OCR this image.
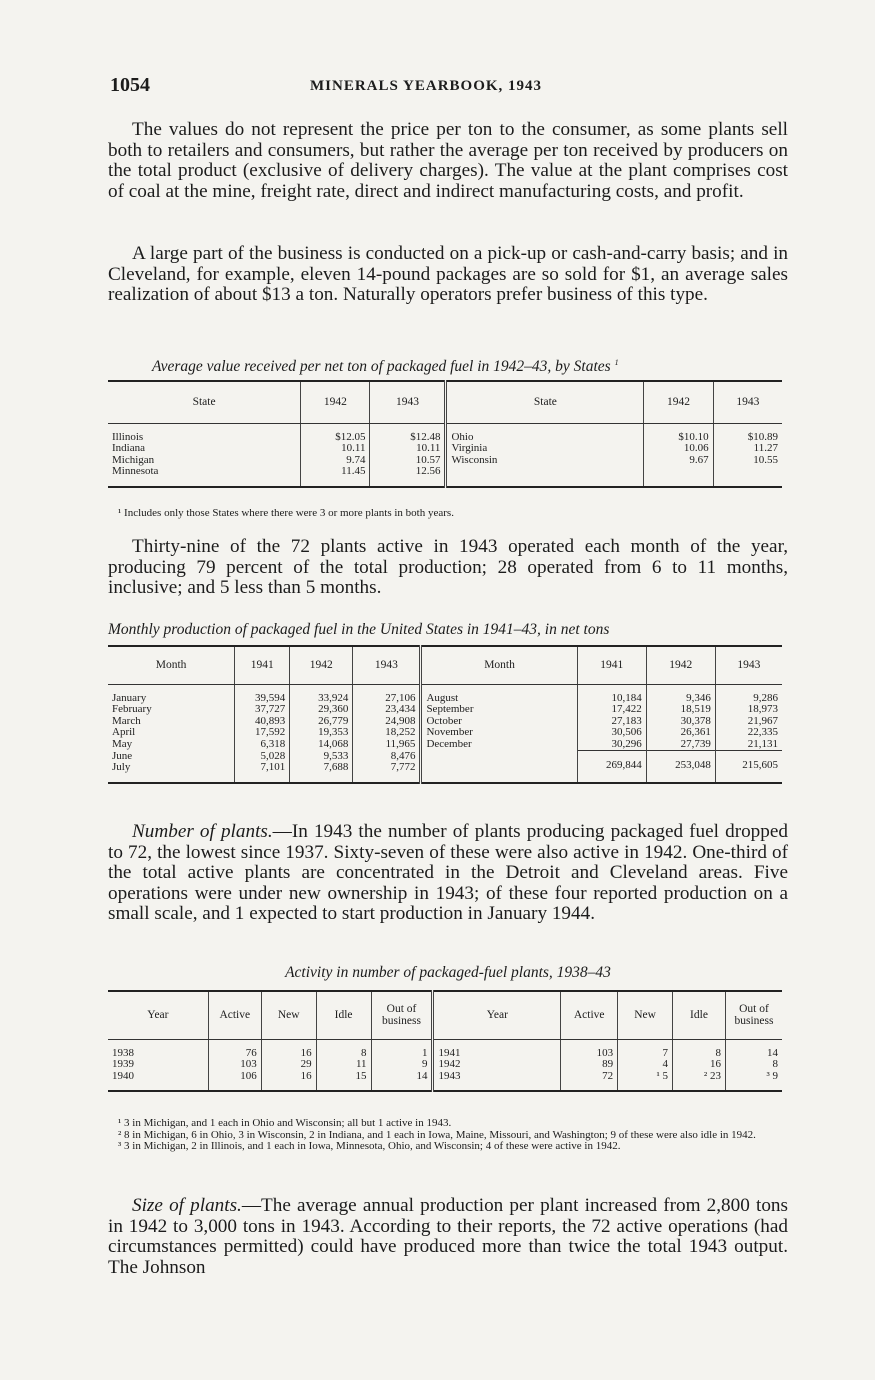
1054	MINERALS YEARBOOK, 1943

The values do not represent the price per ton to the consumer, as some plants sell both to retailers and consumers, but rather the average per ton received by producers on the total product (exclusive of delivery charges). The value at the plant comprises cost of coal at the mine, freight rate, direct and indirect manufacturing costs, and profit.

A large part of the business is conducted on a pick-up or cash-and-carry basis; and in Cleveland, for example, eleven 14-pound packages are so sold for $1, an average sales realization of about $13 a ton. Naturally operators prefer business of this type.

Average value received per net ton of packaged fuel in 1942–43, by States $^1$
State	1942	1943	State	1942	1943

Illinois	$12.05	$12.48	Ohio	$10.10	$10.89
Indiana	10.11	10.11	Virginia	10.06	11.27
Michigan	9.74	10.57	Wisconsin	9.67	10.55
Minnesota	11.45	12.56			

¹ Includes only those States where there were 3 or more plants in both years.

Thirty-nine of the 72 plants active in 1943 operated each month of the year, producing 79 percent of the total production; 28 operated from 6 to 11 months, inclusive; and 5 less than 5 months.

Monthly production of packaged fuel in the United States in 1941–43, in net tons
Month	1941	1942	1943	Month	1941	1942	1943

January	39,594	33,924	27,106	August	10,184	9,346	9,286
February	37,727	29,360	23,434	September	17,422	18,519	18,973
March	40,893	26,779	24,908	October	27,183	30,378	21,967
April	17,592	19,353	18,252	November	30,506	26,361	22,335
May	6,318	14,068	11,965	December	30,296	27,739	21,131
June	5,028	9,533	8,476		269,844	253,048	215,605
July	7,101	7,688	7,772				

Number of plants.—In 1943 the number of plants producing packaged fuel dropped to 72, the lowest since 1937. Sixty-seven of these were also active in 1942. One-third of the total active plants are concentrated in the Detroit and Cleveland areas. Five operations were under new ownership in 1943; of these four reported production on a small scale, and 1 expected to start production in January 1944.

Activity in number of packaged-fuel plants, 1938–43
Year	Active	New	Idle	Out of business	Year	Active	New	Idle	Out of business

1938	76	16	8	1	1941	103	7	8	14
1939	103	29	11	9	1942	89	4	16	8
1940	106	16	15	14	1943	72	¹ 5	² 23	³ 9

¹ 3 in Michigan, and 1 each in Ohio and Wisconsin; all but 1 active in 1943.

² 8 in Michigan, 6 in Ohio, 3 in Wisconsin, 2 in Indiana, and 1 each in Iowa, Maine, Missouri, and Washington; 9 of these were also idle in 1942.

³ 3 in Michigan, 2 in Illinois, and 1 each in Iowa, Minnesota, Ohio, and Wisconsin; 4 of these were active in 1942.

Size of plants.—The average annual production per plant increased from 2,800 tons in 1942 to 3,000 tons in 1943. According to their reports, the 72 active operations (had circumstances permitted) could have produced more than twice the total 1943 output. The Johnson
